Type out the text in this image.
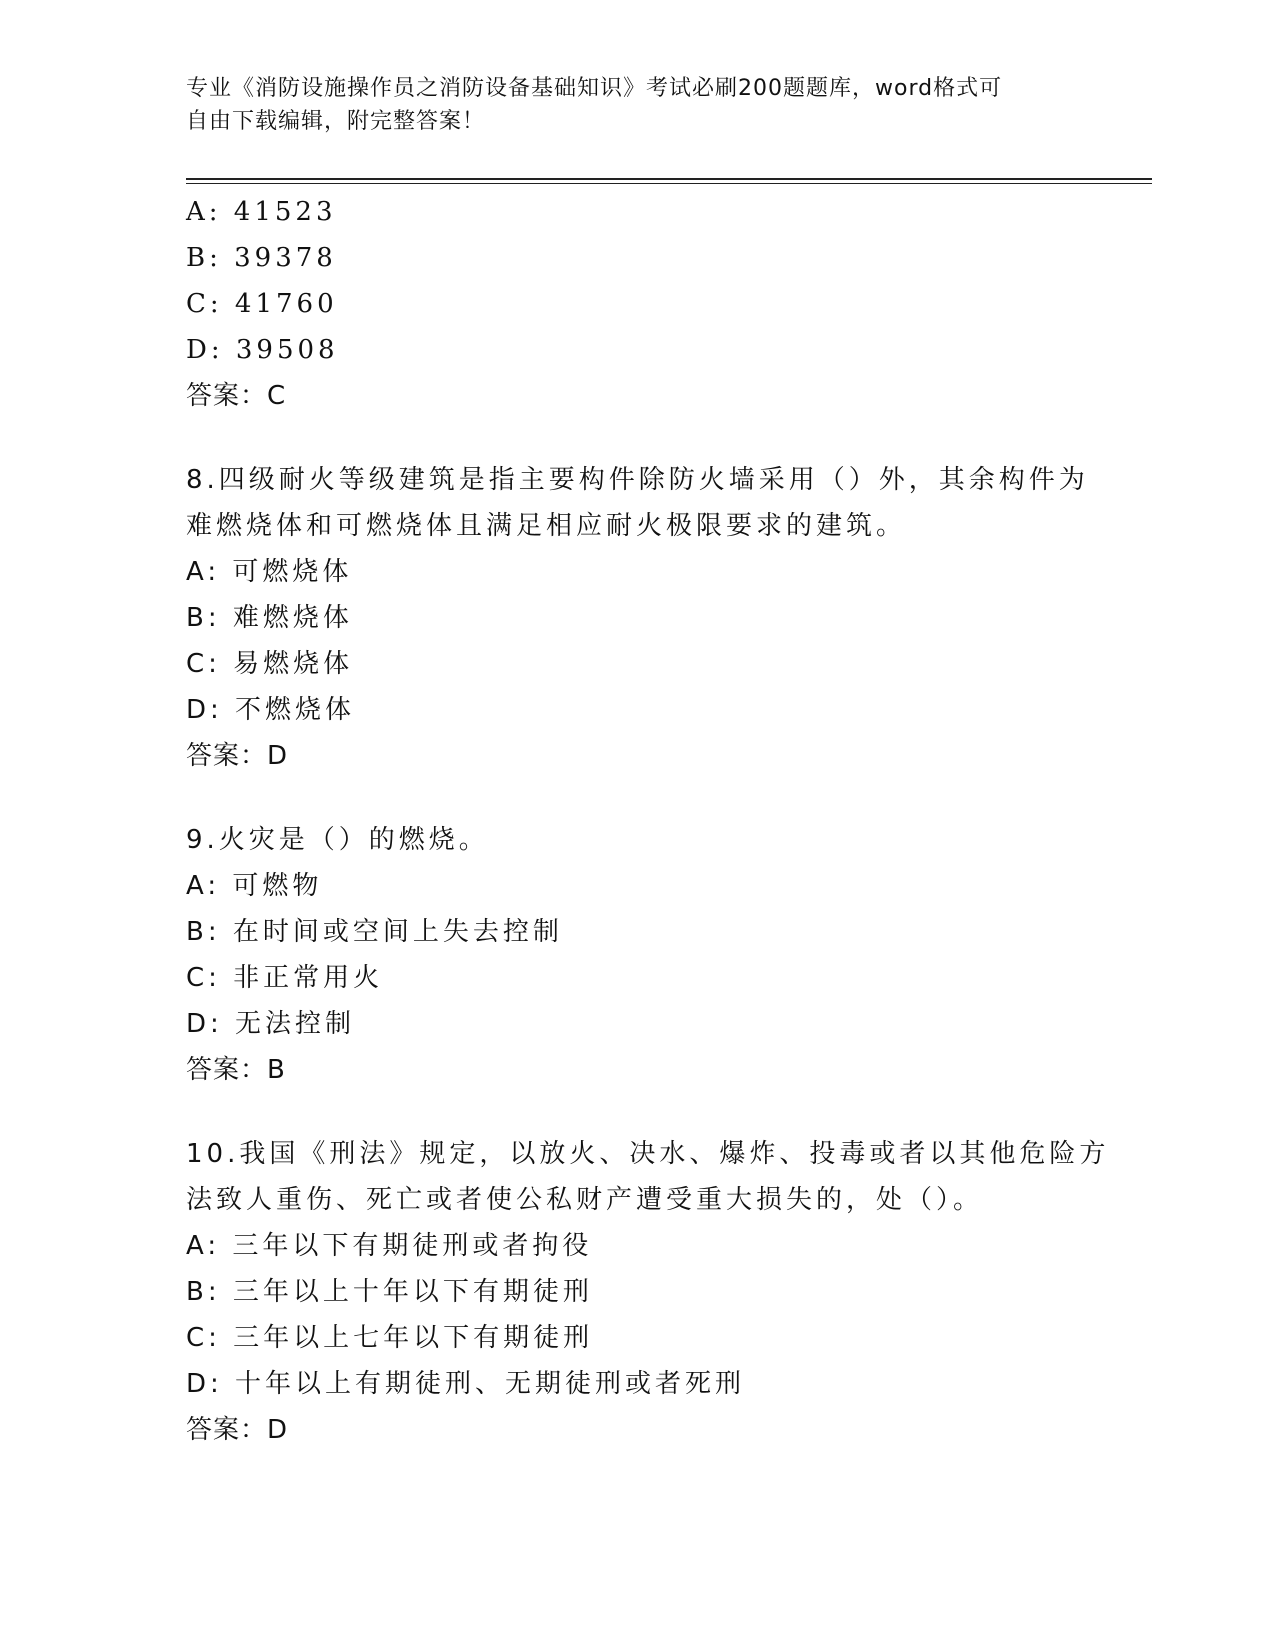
专业《消防设施操作员之消防设备基础知识》考试必刷200题题库，word格式可
自由下载编辑，附完整答案！
A: 41523
B: 39378
C: 41760
D: 39508
答案：C
8.四级耐火等级建筑是指主要构件除防火墙采用（）外，其余构件为
难燃烧体和可燃烧体且满足相应耐火极限要求的建筑。
A: 可燃烧体
B: 难燃烧体
C: 易燃烧体
D: 不燃烧体
答案：D
9.火灾是（）的燃烧。
A: 可燃物
B: 在时间或空间上失去控制
C: 非正常用火
D: 无法控制
答案：B
10.我国《刑法》规定，以放火、决水、爆炸、投毒或者以其他危险方
法致人重伤、死亡或者使公私财产遭受重大损失的，处（）。
A: 三年以下有期徒刑或者拘役
B: 三年以上十年以下有期徒刑
C: 三年以上七年以下有期徒刑
D: 十年以上有期徒刑、无期徒刑或者死刑
答案：D
